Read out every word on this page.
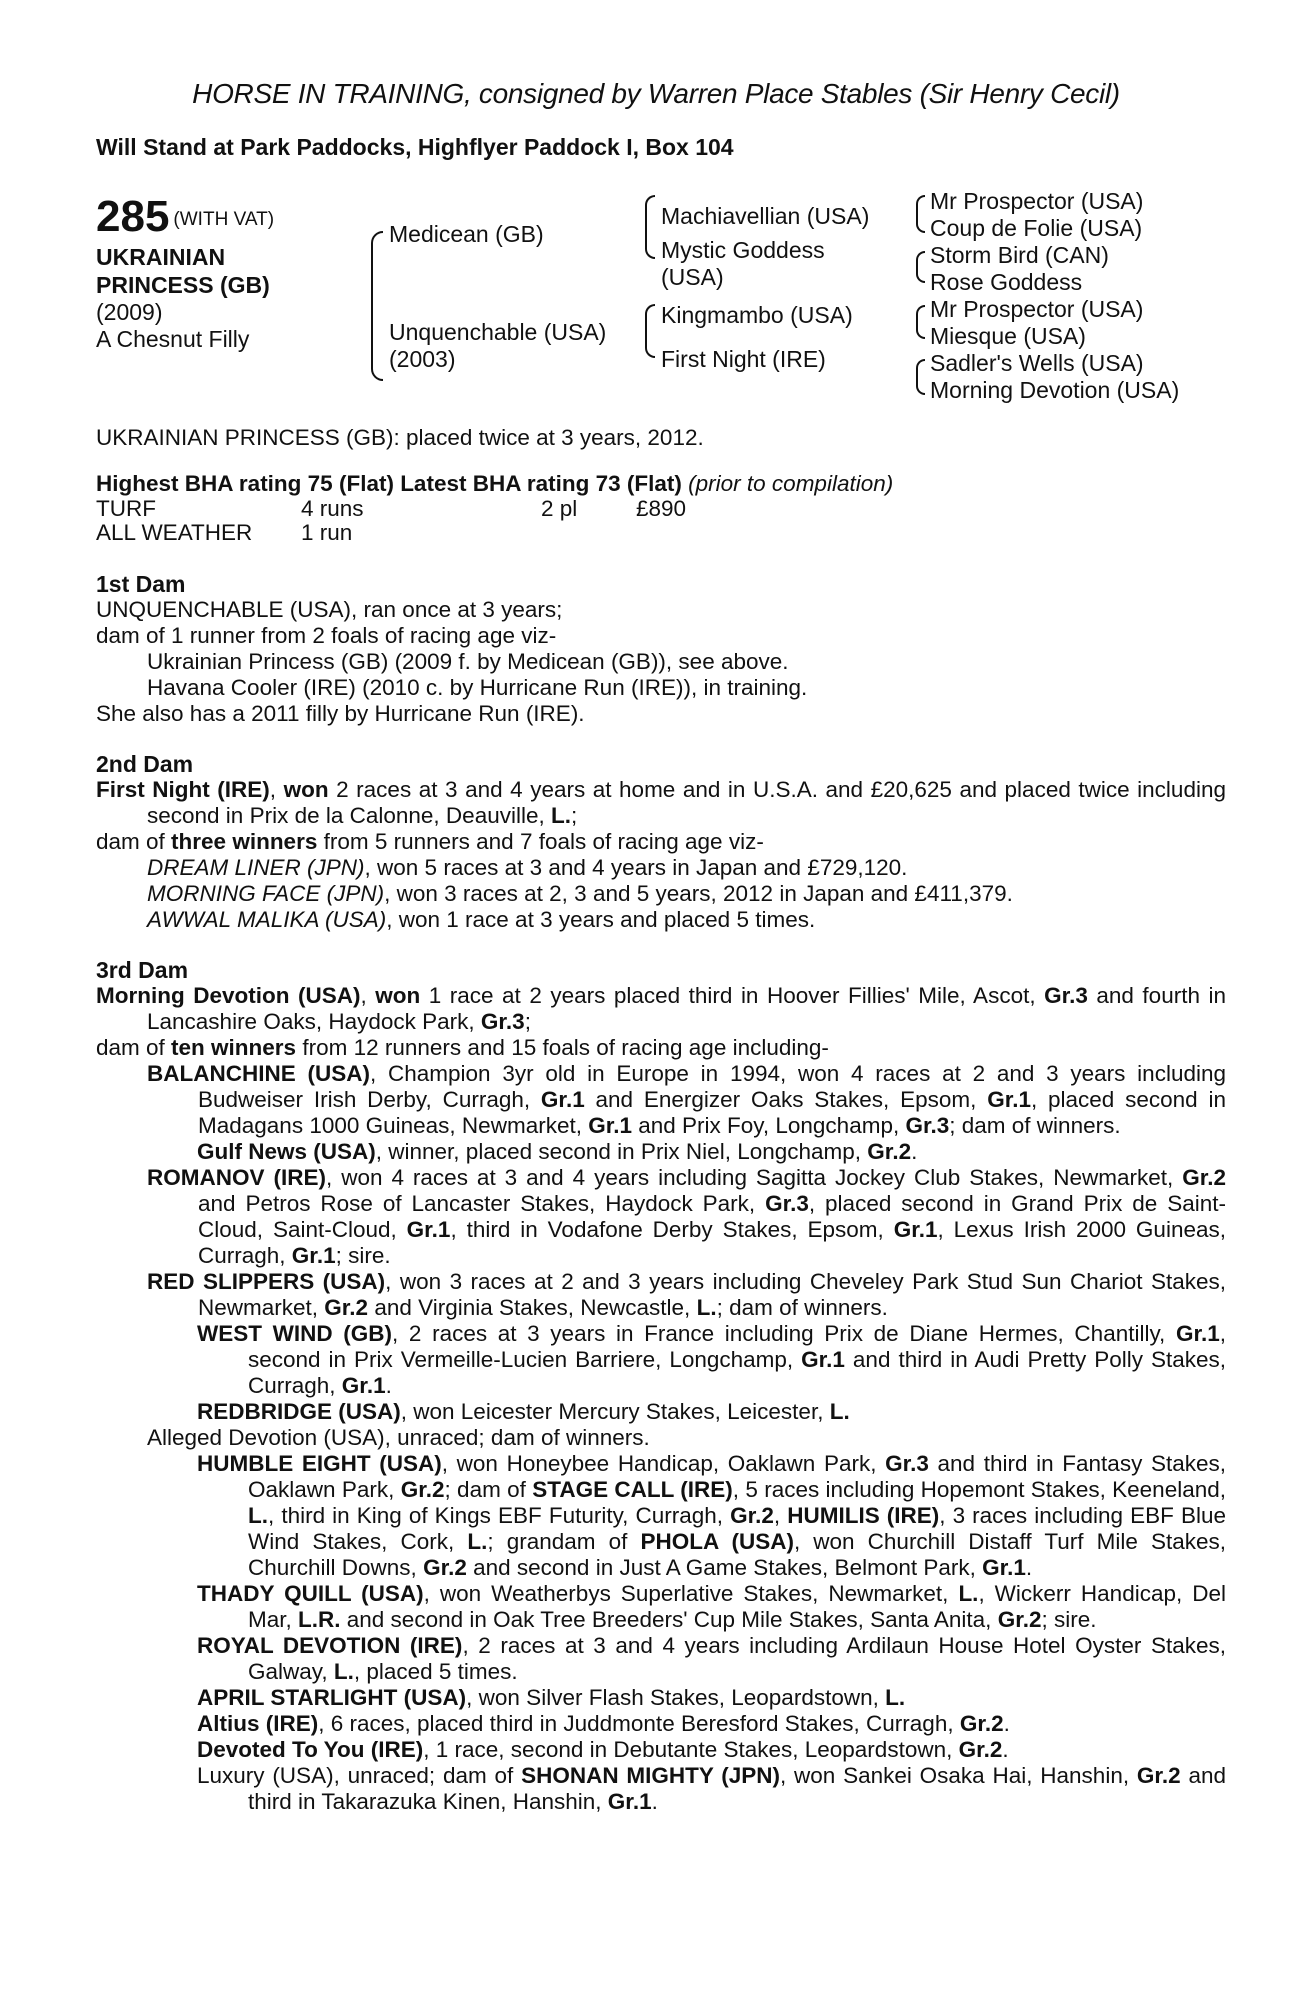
HORSE IN TRAINING, consigned by Warren Place Stables (Sir Henry Cecil)
Will Stand at Park Paddocks, Highflyer Paddock I, Box 104
285 $^{(WITH VAT)}$
UKRAINIAN
PRINCESS (GB)
(2009)
A Chesnut Filly
Medicean (GB)
Unquenchable (USA)
(2003)
Machiavellian (USA)
Mystic Goddess
(USA)
Kingmambo (USA)
First Night (IRE)
Mr Prospector (USA)
Coup de Folie (USA)
Storm Bird (CAN)
Rose Goddess
Mr Prospector (USA)
Miesque (USA)
Sadler's Wells (USA)
Morning Devotion (USA)
UKRAINIAN PRINCESS (GB): placed twice at 3 years, 2012.
Highest BHA rating 75 (Flat) Latest BHA rating 73 (Flat) (prior to compilation)
TURF	4 runs	2 pl	£890
ALL WEATHER	1 run
1st Dam
UNQUENCHABLE (USA), ran once at 3 years;
dam of 1 runner from 2 foals of racing age viz-
Ukrainian Princess (GB) (2009 f. by Medicean (GB)), see above.
Havana Cooler (IRE) (2010 c. by Hurricane Run (IRE)), in training.
She also has a 2011 filly by Hurricane Run (IRE).
2nd Dam
First Night (IRE), won 2 races at 3 and 4 years at home and in U.S.A. and £20,625 and placed twice including second in Prix de la Calonne, Deauville, L.;
dam of three winners from 5 runners and 7 foals of racing age viz-
DREAM LINER (JPN), won 5 races at 3 and 4 years in Japan and £729,120.
MORNING FACE (JPN), won 3 races at 2, 3 and 5 years, 2012 in Japan and £411,379.
AWWAL MALIKA (USA), won 1 race at 3 years and placed 5 times.
3rd Dam
Morning Devotion (USA), won 1 race at 2 years placed third in Hoover Fillies' Mile, Ascot, Gr.3 and fourth in Lancashire Oaks, Haydock Park, Gr.3;
dam of ten winners from 12 runners and 15 foals of racing age including-
BALANCHINE (USA), Champion 3yr old in Europe in 1994, won 4 races at 2 and 3 years including Budweiser Irish Derby, Curragh, Gr.1 and Energizer Oaks Stakes, Epsom, Gr.1, placed second in Madagans 1000 Guineas, Newmarket, Gr.1 and Prix Foy, Longchamp, Gr.3; dam of winners.
Gulf News (USA), winner, placed second in Prix Niel, Longchamp, Gr.2.
ROMANOV (IRE), won 4 races at 3 and 4 years including Sagitta Jockey Club Stakes, Newmarket, Gr.2 and Petros Rose of Lancaster Stakes, Haydock Park, Gr.3, placed second in Grand Prix de Saint-Cloud, Saint-Cloud, Gr.1, third in Vodafone Derby Stakes, Epsom, Gr.1, Lexus Irish 2000 Guineas, Curragh, Gr.1; sire.
RED SLIPPERS (USA), won 3 races at 2 and 3 years including Cheveley Park Stud Sun Chariot Stakes, Newmarket, Gr.2 and Virginia Stakes, Newcastle, L.; dam of winners.
WEST WIND (GB), 2 races at 3 years in France including Prix de Diane Hermes, Chantilly, Gr.1, second in Prix Vermeille-Lucien Barriere, Longchamp, Gr.1 and third in Audi Pretty Polly Stakes, Curragh, Gr.1.
REDBRIDGE (USA), won Leicester Mercury Stakes, Leicester, L.
Alleged Devotion (USA), unraced; dam of winners.
HUMBLE EIGHT (USA), won Honeybee Handicap, Oaklawn Park, Gr.3 and third in Fantasy Stakes, Oaklawn Park, Gr.2; dam of STAGE CALL (IRE), 5 races including Hopemont Stakes, Keeneland, L., third in King of Kings EBF Futurity, Curragh, Gr.2, HUMILIS (IRE), 3 races including EBF Blue Wind Stakes, Cork, L.; grandam of PHOLA (USA), won Churchill Distaff Turf Mile Stakes, Churchill Downs, Gr.2 and second in Just A Game Stakes, Belmont Park, Gr.1.
THADY QUILL (USA), won Weatherbys Superlative Stakes, Newmarket, L., Wickerr Handicap, Del Mar, L.R. and second in Oak Tree Breeders' Cup Mile Stakes, Santa Anita, Gr.2; sire.
ROYAL DEVOTION (IRE), 2 races at 3 and 4 years including Ardilaun House Hotel Oyster Stakes, Galway, L., placed 5 times.
APRIL STARLIGHT (USA), won Silver Flash Stakes, Leopardstown, L.
Altius (IRE), 6 races, placed third in Juddmonte Beresford Stakes, Curragh, Gr.2.
Devoted To You (IRE), 1 race, second in Debutante Stakes, Leopardstown, Gr.2.
Luxury (USA), unraced; dam of SHONAN MIGHTY (JPN), won Sankei Osaka Hai, Hanshin, Gr.2 and third in Takarazuka Kinen, Hanshin, Gr.1.
